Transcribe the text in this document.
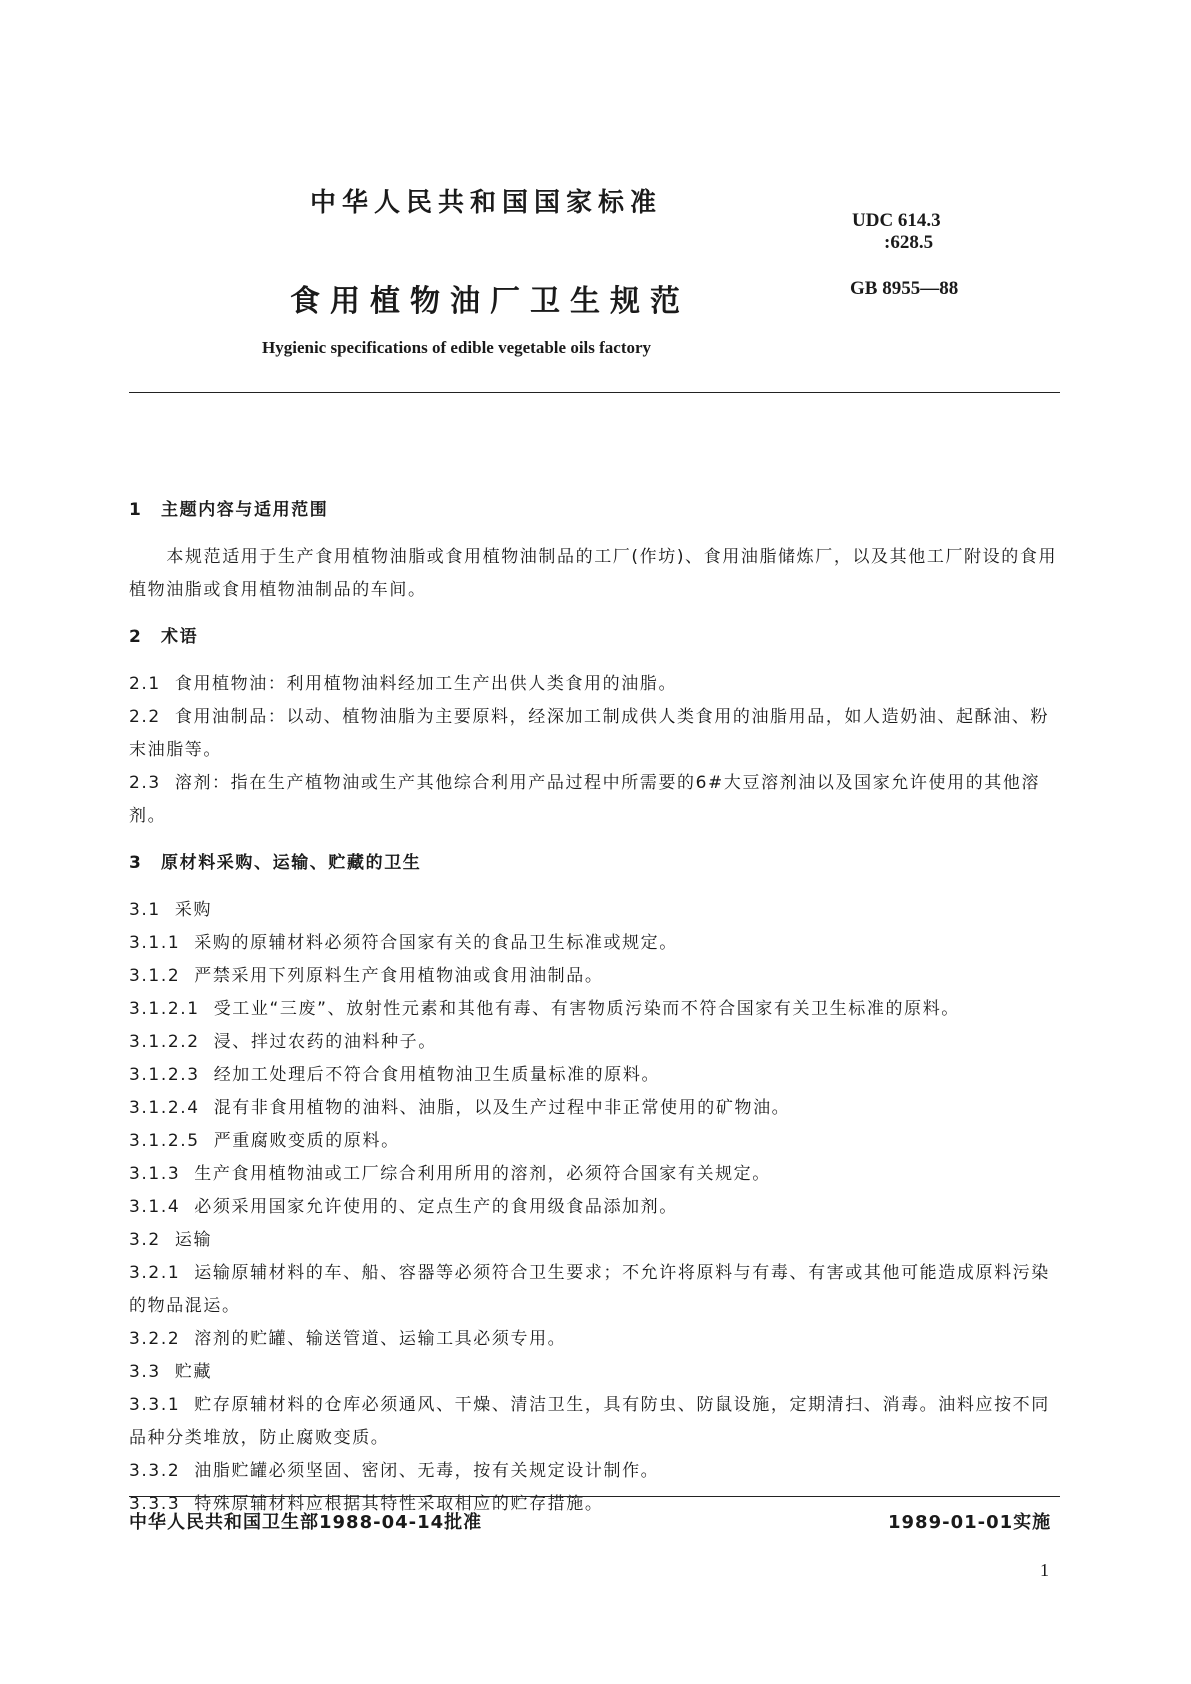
中华人民共和国国家标准
UDC 614.3
:628.5
食用植物油厂卫生规范	GB 8955—88
Hygienic specifications of edible vegetable oils factory
1 主题内容与适用范围

本规范适用于生产食用植物油脂或食用植物油制品的工厂(作坊)、食用油脂储炼厂，以及其他工厂附设的食用植物油脂或食用植物油制品的车间。

2 术语

2.1 食用植物油：利用植物油料经加工生产出供人类食用的油脂。

2.2 食用油制品：以动、植物油脂为主要原料，经深加工制成供人类食用的油脂用品，如人造奶油、起酥油、粉末油脂等。

2.3 溶剂：指在生产植物油或生产其他综合利用产品过程中所需要的6#大豆溶剂油以及国家允许使用的其他溶剂。

3 原材料采购、运输、贮藏的卫生

3.1 采购

3.1.1 采购的原辅材料必须符合国家有关的食品卫生标准或规定。

3.1.2 严禁采用下列原料生产食用植物油或食用油制品。

3.1.2.1 受工业“三废”、放射性元素和其他有毒、有害物质污染而不符合国家有关卫生标准的原料。

3.1.2.2 浸、拌过农药的油料种子。

3.1.2.3 经加工处理后不符合食用植物油卫生质量标准的原料。

3.1.2.4 混有非食用植物的油料、油脂，以及生产过程中非正常使用的矿物油。

3.1.2.5 严重腐败变质的原料。

3.1.3 生产食用植物油或工厂综合利用所用的溶剂，必须符合国家有关规定。

3.1.4 必须采用国家允许使用的、定点生产的食用级食品添加剂。

3.2 运输

3.2.1 运输原辅材料的车、船、容器等必须符合卫生要求；不允许将原料与有毒、有害或其他可能造成原料污染的物品混运。

3.2.2 溶剂的贮罐、输送管道、运输工具必须专用。

3.3 贮藏

3.3.1 贮存原辅材料的仓库必须通风、干燥、清洁卫生，具有防虫、防鼠设施，定期清扫、消毒。油料应按不同品种分类堆放，防止腐败变质。

3.3.2 油脂贮罐必须坚固、密闭、无毒，按有关规定设计制作。

3.3.3 特殊原辅材料应根据其特性采取相应的贮存措施。

中华人民共和国卫生部1988-04-14批准	1989-01-01实施
1
